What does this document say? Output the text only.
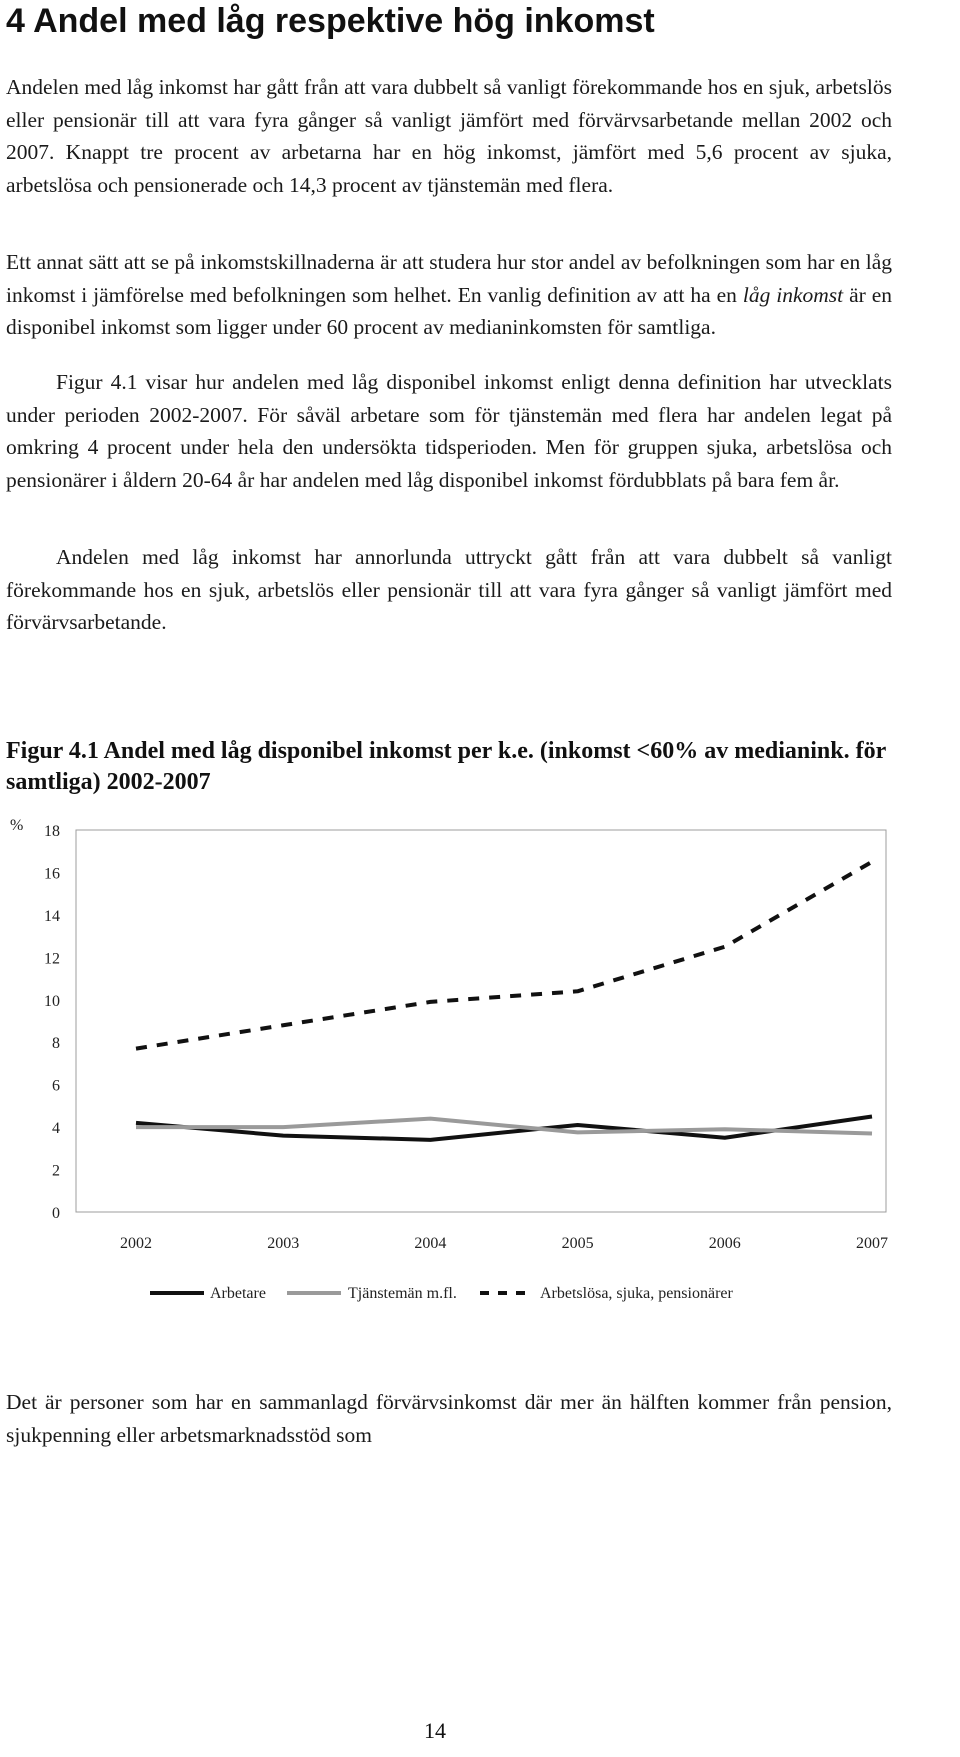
4 Andel med låg respektive hög inkomst

Andelen med låg inkomst har gått från att vara dubbelt så vanligt förekommande hos en sjuk, arbetslös eller pensionär till att vara fyra gånger så vanligt jämfört med förvärvsarbetande mellan 2002 och 2007. Knappt tre procent av arbetarna har en hög inkomst, jämfört med 5,6 procent av sjuka, arbetslösa och pensionerade och 14,3 procent av tjänstemän med flera.

Ett annat sätt att se på inkomstskillnaderna är att studera hur stor andel av befolkningen som har en låg inkomst i jämförelse med befolkningen som helhet. En vanlig definition av att ha en låg inkomst är en disponibel inkomst som ligger under 60 procent av medianinkomsten för samtliga.

Figur 4.1 visar hur andelen med låg disponibel inkomst enligt denna definition har utvecklats under perioden 2002-2007. För såväl arbetare som för tjänstemän med flera har andelen legat på omkring 4 procent under hela den undersökta tidsperioden. Men för gruppen sjuka, arbetslösa och pensionärer i åldern 20-64 år har andelen med låg disponibel inkomst fördubblats på bara fem år.

Andelen med låg inkomst har annorlunda uttryckt gått från att vara dubbelt så vanligt förekommande hos en sjuk, arbetslös eller pensionär till att vara fyra gånger så vanligt jämfört med förvärvsarbetande.

Figur 4.1 Andel med låg disponibel inkomst per k.e. (inkomst <60% av medianink. för samtliga) 2002-2007

%
0
2
4
6
8
10
12
14
16
18
2002	2003	2004	2005	2006	2007
Arbetare	Tjänstemän m.fl.	Arbetslösa, sjuka, pensionärer

Det är personer som har en sammanlagd förvärvsinkomst där mer än hälften kommer från pension, sjukpenning eller arbetsmarknadsstöd som

14
